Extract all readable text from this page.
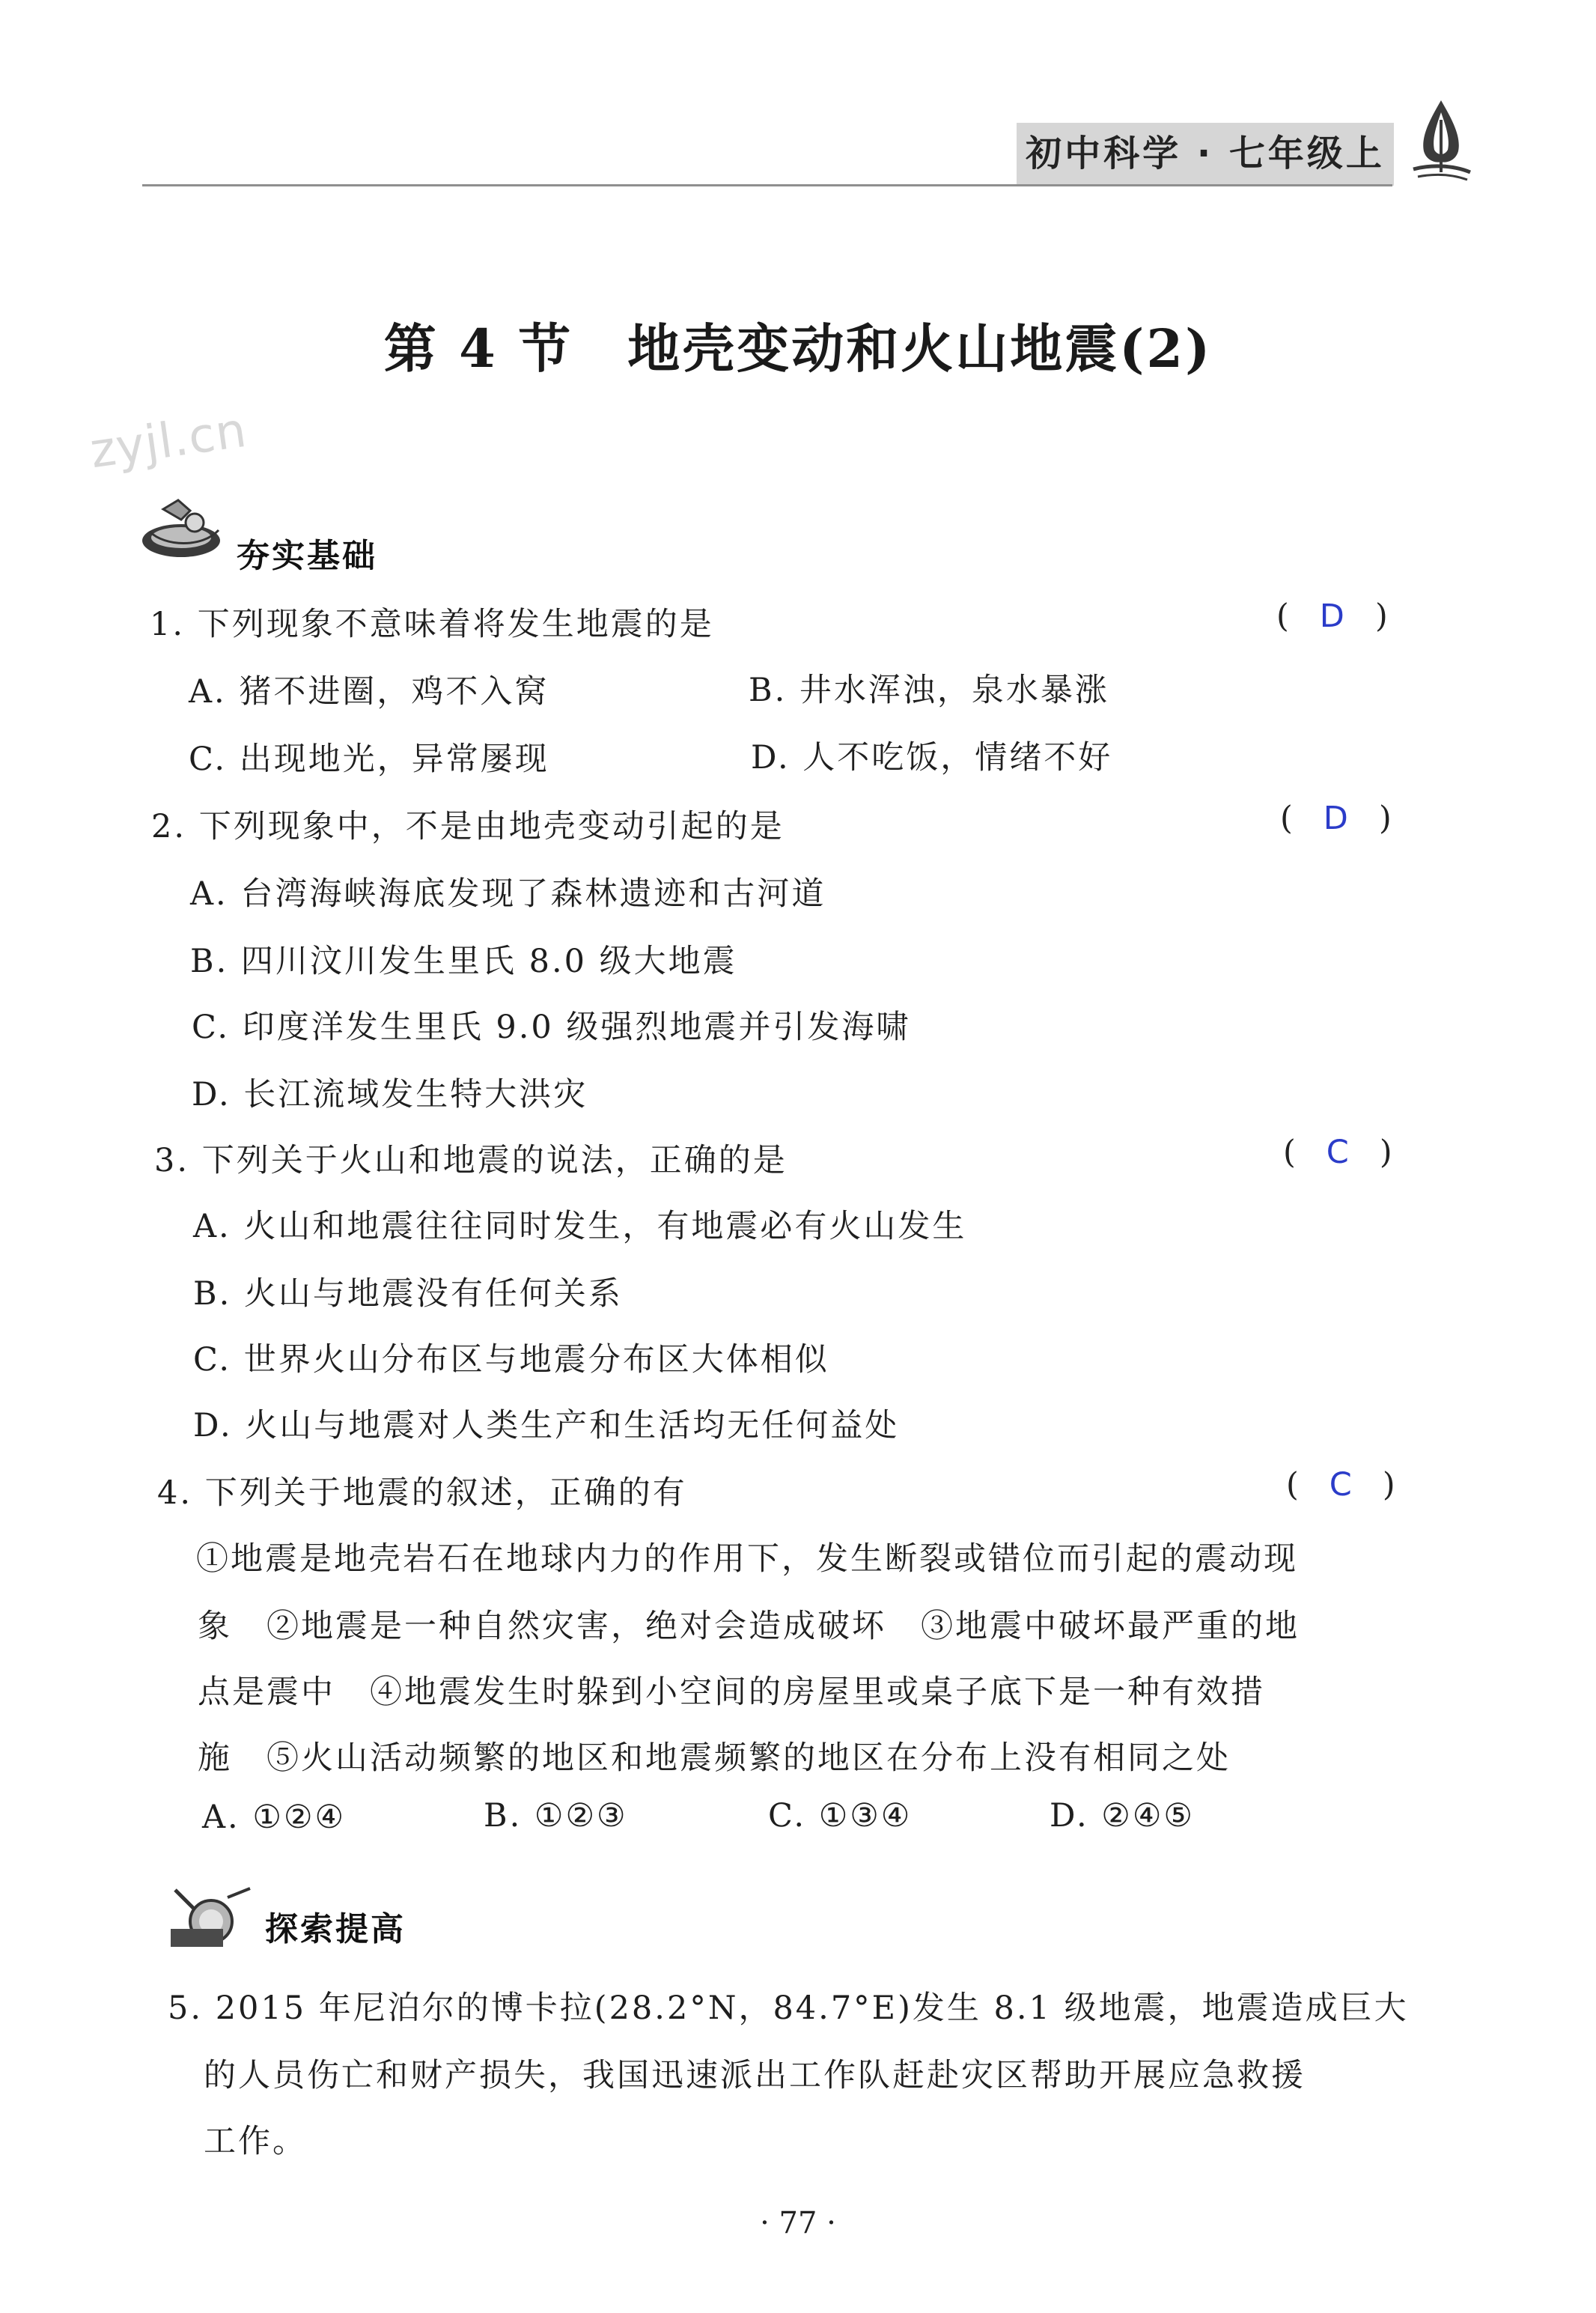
初中科学 · 七年级上
第 4 节　地壳变动和火山地震(2)
zyjl.cn
夯实基础
1. 下列现象不意味着将发生地震的是	( D )
A. 猪不进圈，鸡不入窝	B. 井水浑浊，泉水暴涨
C. 出现地光，异常屡现	D. 人不吃饭，情绪不好
2. 下列现象中，不是由地壳变动引起的是	( D )
A. 台湾海峡海底发现了森林遗迹和古河道
B. 四川汶川发生里氏 8.0 级大地震
C. 印度洋发生里氏 9.0 级强烈地震并引发海啸
D. 长江流域发生特大洪灾
3. 下列关于火山和地震的说法，正确的是	( C )
A. 火山和地震往往同时发生，有地震必有火山发生
B. 火山与地震没有任何关系
C. 世界火山分布区与地震分布区大体相似
D. 火山与地震对人类生产和生活均无任何益处
4. 下列关于地震的叙述，正确的有	( C )
①地震是地壳岩石在地球内力的作用下，发生断裂或错位而引起的震动现
象　②地震是一种自然灾害，绝对会造成破坏　③地震中破坏最严重的地
点是震中　④地震发生时躲到小空间的房屋里或桌子底下是一种有效措
施　⑤火山活动频繁的地区和地震频繁的地区在分布上没有相同之处
A. ①②④	B. ①②③	C. ①③④	D. ②④⑤
探索提高
5. 2015 年尼泊尔的博卡拉(28.2°N，84.7°E)发生 8.1 级地震，地震造成巨大
的人员伤亡和财产损失，我国迅速派出工作队赶赴灾区帮助开展应急救援
工作。
· 77 ·
